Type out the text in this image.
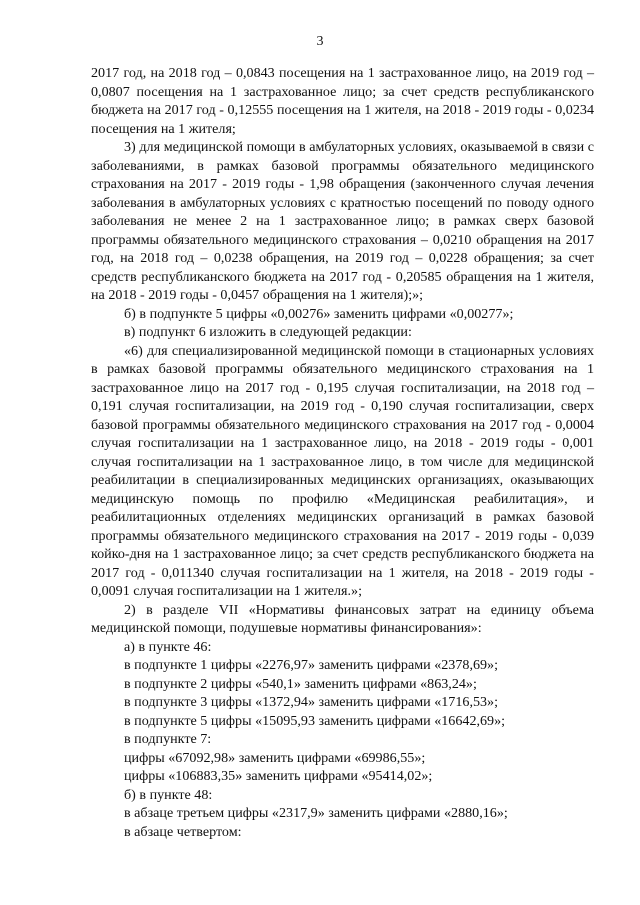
3

2017 год, на 2018 год – 0,0843 посещения на 1 застрахованное лицо, на 2019 год – 0,0807 посещения на 1 застрахованное лицо; за счет средств республиканского бюджета на 2017 год - 0,12555 посещения на 1 жителя, на 2018 - 2019 годы - 0,0234 посещения на 1 жителя;

3) для медицинской помощи в амбулаторных условиях, оказываемой в связи с заболеваниями, в рамках базовой программы обязательного медицинского страхования на 2017 - 2019 годы - 1,98 обращения (законченного случая лечения заболевания в амбулаторных условиях с кратностью посещений по поводу одного заболевания не менее 2 на 1 застрахованное лицо; в рамках сверх базовой программы обязательного медицинского страхования – 0,0210 обращения на 2017 год, на 2018 год – 0,0238 обращения, на 2019 год – 0,0228 обращения; за счет средств республиканского бюджета на 2017 год - 0,20585 обращения на 1 жителя, на 2018 - 2019 годы - 0,0457 обращения на 1 жителя);»;

б) в подпункте 5 цифры «0,00276» заменить цифрами «0,00277»;

в) подпункт 6 изложить в следующей редакции:

«6) для специализированной медицинской помощи в стационарных условиях в рамках базовой программы обязательного медицинского страхования на 1 застрахованное лицо на 2017 год - 0,195 случая госпитализации, на 2018 год – 0,191 случая госпитализации, на 2019 год - 0,190 случая госпитализации, сверх базовой программы обязательного медицинского страхования на 2017 год - 0,0004 случая госпитализации на 1 застрахованное лицо, на 2018 - 2019 годы - 0,001 случая госпитализации на 1 застрахованное лицо, в том числе для медицинской реабилитации в специализированных медицинских организациях, оказывающих медицинскую помощь по профилю «Медицинская реабилитация», и реабилитационных отделениях медицинских организаций в рамках базовой программы обязательного медицинского страхования на 2017 - 2019 годы - 0,039 койко-дня на 1 застрахованное лицо; за счет средств республиканского бюджета на 2017 год - 0,011340 случая госпитализации на 1 жителя, на 2018 - 2019 годы - 0,0091 случая госпитализации на 1 жителя.»;

2) в разделе VII «Нормативы финансовых затрат на единицу объема медицинской помощи, подушевые нормативы финансирования»:

а) в пункте 46:

в подпункте 1 цифры «2276,97» заменить цифрами «2378,69»;

в подпункте 2 цифры «540,1» заменить цифрами «863,24»;

в подпункте 3 цифры «1372,94» заменить цифрами «1716,53»;

в подпункте 5 цифры «15095,93 заменить цифрами «16642,69»;

в подпункте 7:

цифры «67092,98» заменить цифрами «69986,55»;

цифры «106883,35» заменить цифрами «95414,02»;

б) в пункте 48:

в абзаце третьем цифры «2317,9» заменить цифрами «2880,16»;

в абзаце четвертом:
